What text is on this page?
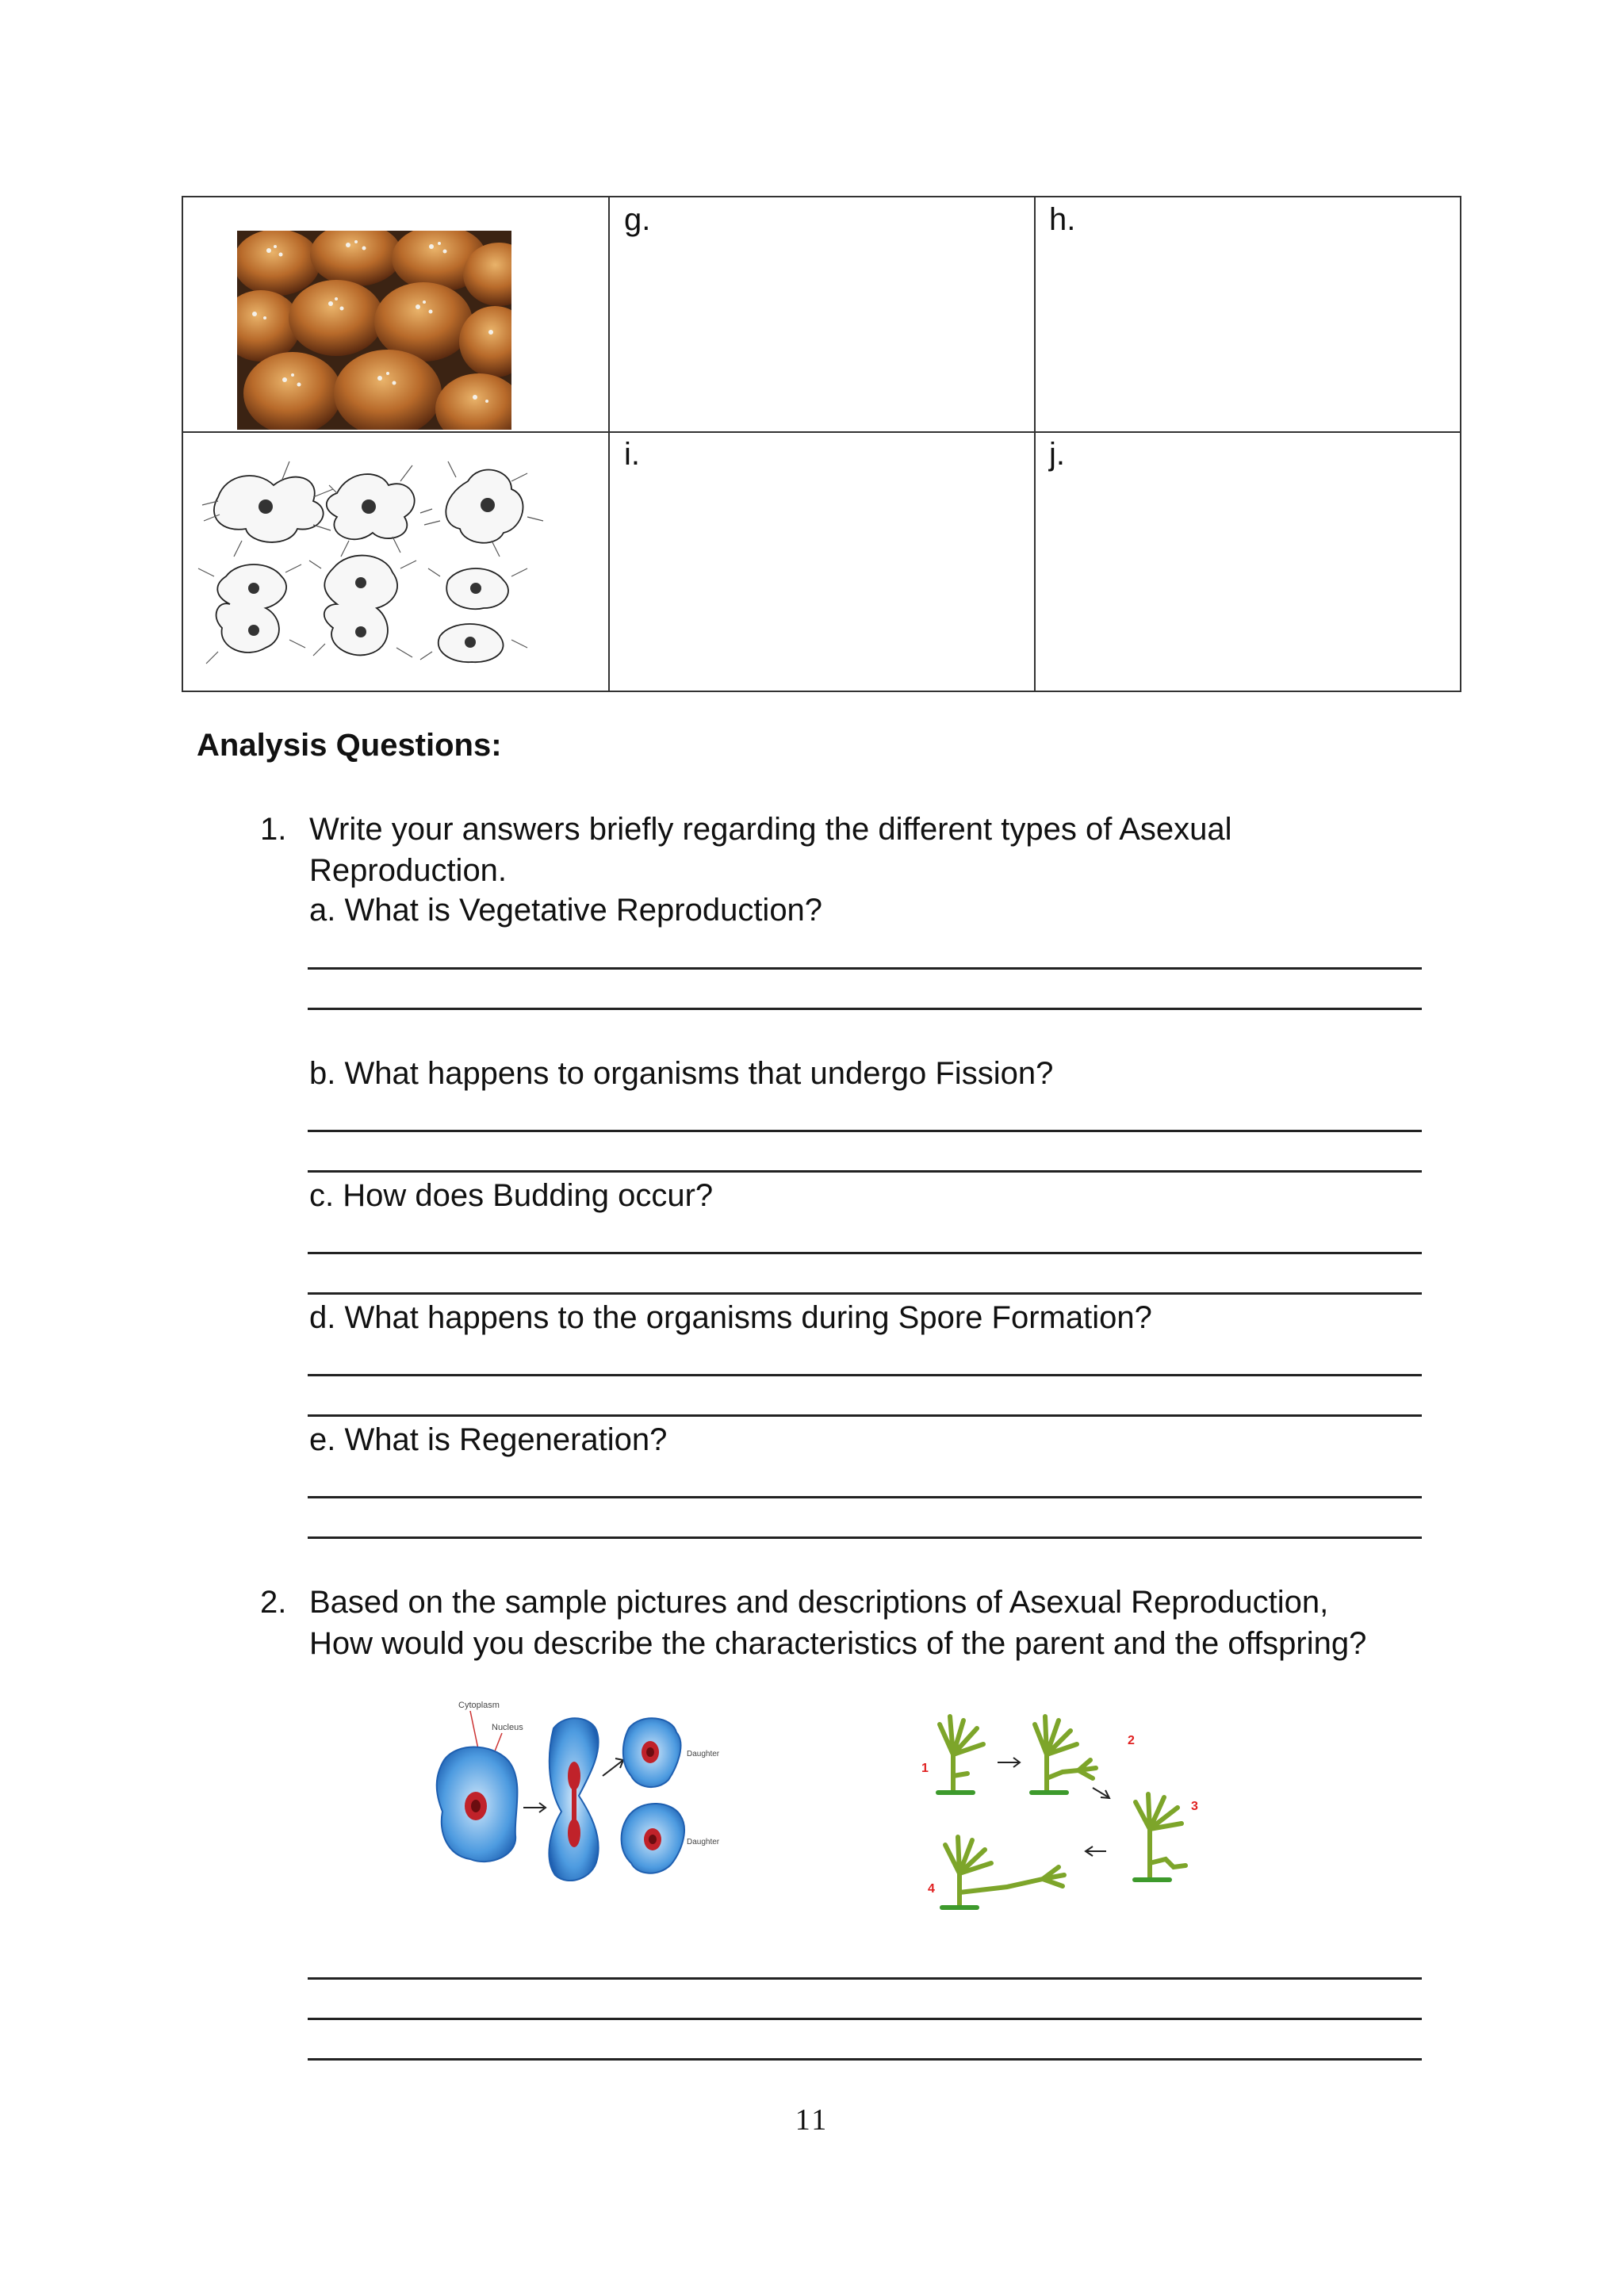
g.	h.
i.	j.
Analysis Questions:
1. Write your answers briefly regarding the different types of Asexual
Reproduction.
a. What is Vegetative Reproduction?
b. What happens to organisms that undergo Fission?
c. How does Budding occur?
d. What happens to the organisms during Spore Formation?
e. What is Regeneration?
2. Based on the sample pictures and descriptions of Asexual Reproduction,
How would you describe the characteristics of the parent and the offspring?
Cytoplasm
Nucleus
Daughter
Daughter
1
2
3
4
11
